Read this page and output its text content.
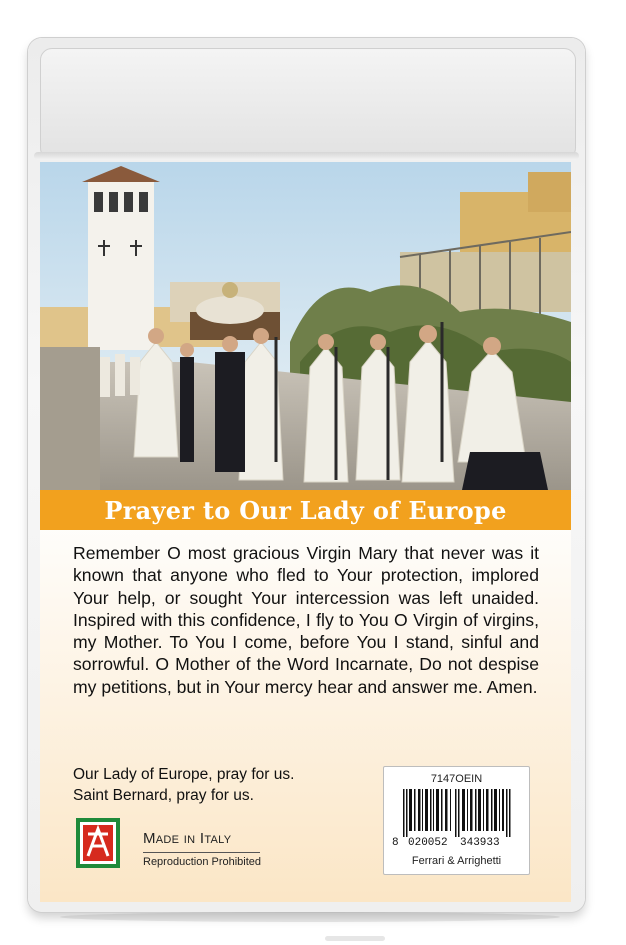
Prayer to Our Lady of Europe

Remember O most gracious Virgin Mary that never was it known that anyone who fled to Your protection, implored Your help, or sought Your intercession was left unaided. Inspired with this confidence, I fly to You O Virgin of virgins, my Mother. To You I come, before You I stand, sinful and sorrowful. O Mother of the Word Incarnate, Do not despise my petitions, but in Your mercy hear and answer me. Amen.

Our Lady of Europe, pray for us.
Saint Bernard, pray for us.
Made in Italy
Reproduction Prohibited
7147OEIN
8 020052 343933
Ferrari & Arrighetti
